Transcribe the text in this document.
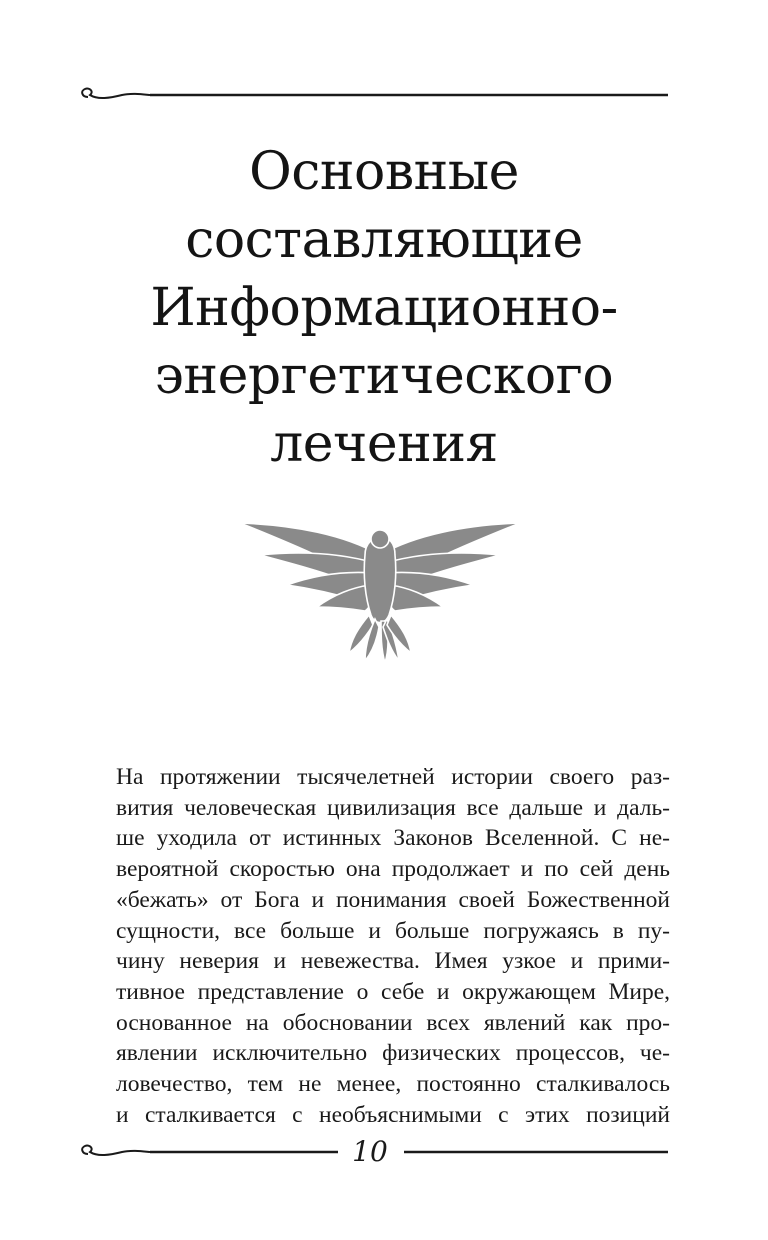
Основные
составляющие
Информационно-
энергетического
лечения
На протяжении тысячелетней истории своего раз-
вития человеческая цивилизация все дальше и даль-
ше уходила от истинных Законов Вселенной. С не-
вероятной скоростью она продолжает и по сей день
«бежать» от Бога и понимания своей Божественной
сущности, все больше и больше погружаясь в пу-
чину неверия и невежества. Имея узкое и прими-
тивное представление о себе и окружающем Мире,
основанное на обосновании всех явлений как про-
явлении исключительно физических процессов, че-
ловечество, тем не менее, постоянно сталкивалось
и сталкивается с необъяснимыми с этих позиций
10
